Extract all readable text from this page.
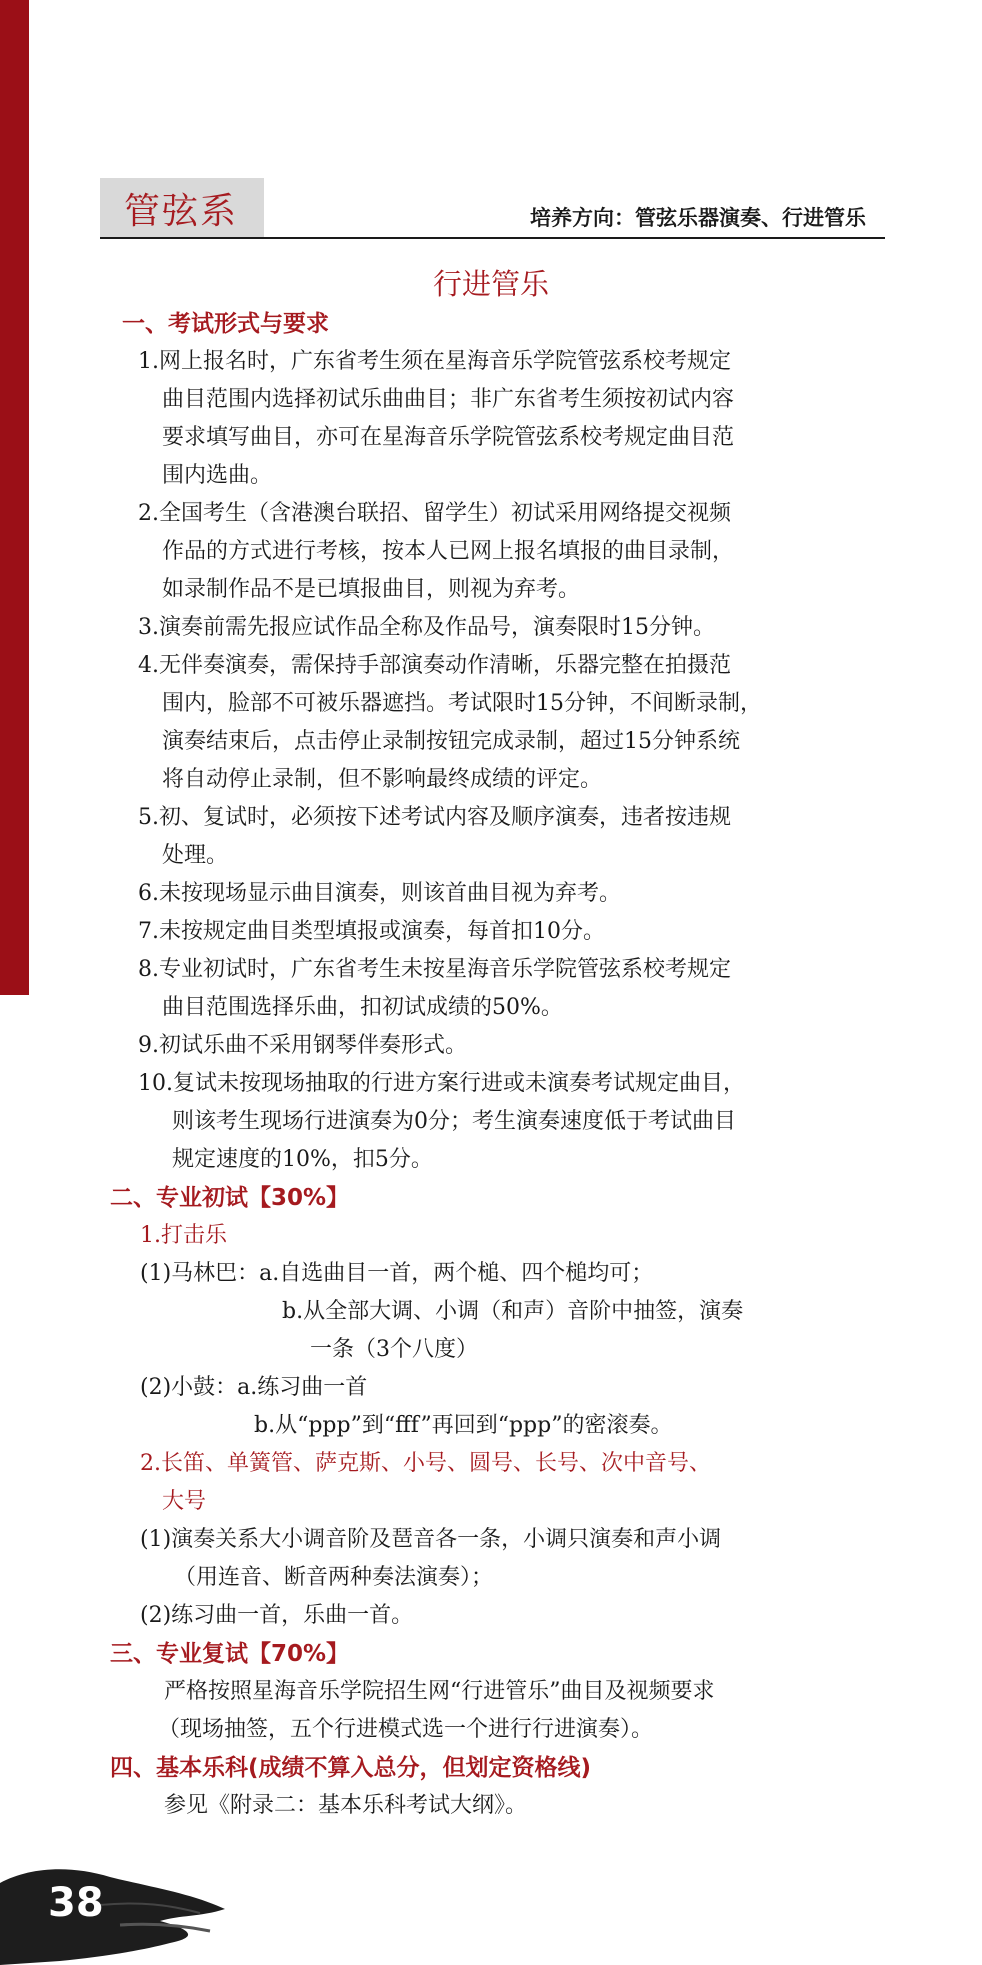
管弦系	培养方向：管弦乐器演奏、行进管乐
行进管乐
一、考试形式与要求
1.网上报名时，广东省考生须在星海音乐学院管弦系校考规定
曲目范围内选择初试乐曲曲目；非广东省考生须按初试内容
要求填写曲目，亦可在星海音乐学院管弦系校考规定曲目范
围内选曲。
2.全国考生（含港澳台联招、留学生）初试采用网络提交视频
作品的方式进行考核，按本人已网上报名填报的曲目录制，
如录制作品不是已填报曲目，则视为弃考。
3.演奏前需先报应试作品全称及作品号，演奏限时15分钟。
4.无伴奏演奏，需保持手部演奏动作清晰，乐器完整在拍摄范
围内，脸部不可被乐器遮挡。考试限时15分钟，不间断录制，
演奏结束后，点击停止录制按钮完成录制，超过15分钟系统
将自动停止录制，但不影响最终成绩的评定。
5.初、复试时，必须按下述考试内容及顺序演奏，违者按违规
处理。
6.未按现场显示曲目演奏，则该首曲目视为弃考。
7.未按规定曲目类型填报或演奏，每首扣10分。
8.专业初试时，广东省考生未按星海音乐学院管弦系校考规定
曲目范围选择乐曲，扣初试成绩的50%。
9.初试乐曲不采用钢琴伴奏形式。
10.复试未按现场抽取的行进方案行进或未演奏考试规定曲目，
则该考生现场行进演奏为0分；考生演奏速度低于考试曲目
规定速度的10%，扣5分。
二、专业初试【30%】
1.打击乐
(1)马林巴：a.自选曲目一首，两个槌、四个槌均可；
b.从全部大调、小调（和声）音阶中抽签，演奏
一条（3个八度）
(2)小鼓：a.练习曲一首
b.从“ppp”到“fff”再回到“ppp”的密滚奏。
2.长笛、单簧管、萨克斯、小号、圆号、长号、次中音号、
大号
(1)演奏关系大小调音阶及琶音各一条，小调只演奏和声小调
（用连音、断音两种奏法演奏）；
(2)练习曲一首，乐曲一首。
三、专业复试【70%】
严格按照星海音乐学院招生网“行进管乐”曲目及视频要求
（现场抽签，五个行进模式选一个进行行进演奏）。
四、基本乐科(成绩不算入总分，但划定资格线)
参见《附录二：基本乐科考试大纲》。
38
